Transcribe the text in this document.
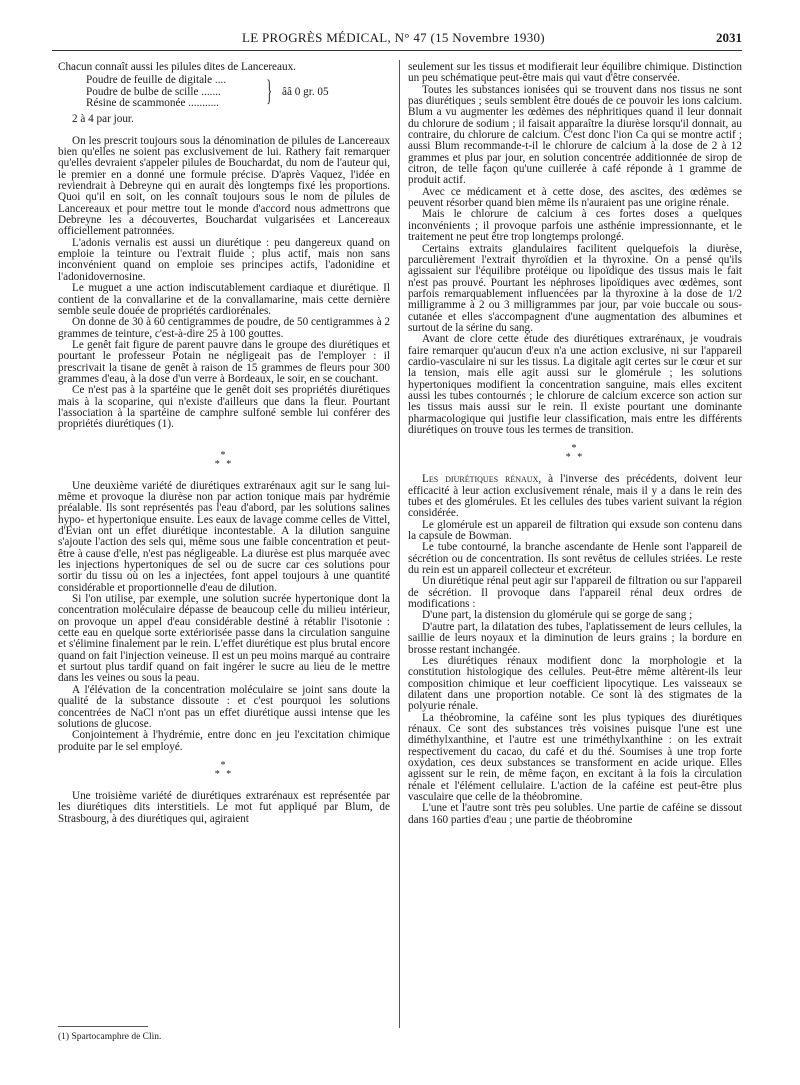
LE PROGRÈS MÉDICAL, N° 47 (15 Novembre 1930)	2031

Chacun connaît aussi les pilules dites de Lancereaux.

Poudre de feuille de digitale ....
Poudre de bulbe de scille .......
Résine de scammonée ...........	} ââ 0 gr. 05

2 à 4 par jour.

On les prescrit toujours sous la dénomination de pilules de Lancereaux bien qu'elles ne soient pas exclusivement de lui. Rathery fait remarquer qu'elles devraient s'appeler pilules de Bouchardat, du nom de l'auteur qui, le premier en a donné une formule précise. D'après Vaquez, l'idée en reviendrait à Debreyne qui en aurait dès longtemps fixé les proportions. Quoi qu'il en soit, on les connaît toujours sous le nom de pilules de Lancereaux et pour mettre tout le monde d'accord nous admettrons que Debreyne les a découvertes, Bouchardat vulgarisées et Lancereaux officiellement patronnées.

L'adonis vernalis est aussi un diurétique : peu dangereux quand on emploie la teinture ou l'extrait fluide ; plus actif, mais non sans inconvénient quand on emploie ses principes actifs, l'adonidine et l'adonidovernosine.

Le muguet a une action indiscutablement cardiaque et diurétique. Il contient de la convallarine et de la convallamarine, mais cette dernière semble seule douée de propriétés cardiorénales.

On donne de 30 à 60 centigrammes de poudre, de 50 centigrammes à 2 grammes de teinture, c'est-à-dire 25 à 100 gouttes.

Le genêt fait figure de parent pauvre dans le groupe des diurétiques et pourtant le professeur Potain ne négligeait pas de l'employer : il prescrivait la tisane de genêt à raison de 15 grammes de fleurs pour 300 grammes d'eau, à la dose d'un verre à Bordeaux, le soir, en se couchant.

Ce n'est pas à la spartéine que le genêt doit ses propriétés diurétiques mais à la scoparine, qui n'existe d'ailleurs que dans la fleur. Pourtant l'association à la spartéine de camphre sulfoné semble lui conférer des propriétés diurétiques (1).

*
* *

Une deuxième variété de diurétiques extrarénaux agit sur le sang lui-même et provoque la diurèse non par action tonique mais par hydrémie préalable. Ils sont représentés pas l'eau d'abord, par les solutions salines hypo- et hypertonique ensuite. Les eaux de lavage comme celles de Vittel, d'Evian ont un effet diurétique incontestable. A la dilution sanguine s'ajoute l'action des sels qui, même sous une faible concentration et peut-être à cause d'elle, n'est pas négligeable. La diurèse est plus marquée avec les injections hypertoniques de sel ou de sucre car ces solutions pour sortir du tissu où on les a injectées, font appel toujours à une quantité considérable et proportionnelle d'eau de dilution.

Si l'on utilise, par exemple, une solution sucrée hypertonique dont la concentration moléculaire dépasse de beaucoup celle du milieu intérieur, on provoque un appel d'eau considérable destiné à rétablir l'isotonie : cette eau en quelque sorte extériorisée passe dans la circulation sanguine et s'élimine finalement par le rein. L'effet diurétique est plus brutal encore quand on fait l'injection veineuse. Il est un peu moins marqué au contraire et surtout plus tardif quand on fait ingérer le sucre au lieu de le mettre dans les veines ou sous la peau.

A l'élévation de la concentration moléculaire se joint sans doute la qualité de la substance dissoute : et c'est pourquoi les solutions concentrées de NaCl n'ont pas un effet diurétique aussi intense que les solutions de glucose.

Conjointement à l'hydrémie, entre donc en jeu l'excitation chimique produite par le sel employé.

*
* *

Une troisième variété de diurétiques extrarénaux est représentée par les diurétiques dits interstitiels. Le mot fut appliqué par Blum, de Strasbourg, à des diurétiques qui, agiraient

(1) Spartocamphre de Clin.

seulement sur les tissus et modifierait leur équilibre chimique. Distinction un peu schématique peut-être mais qui vaut d'être conservée.

Toutes les substances ionisées qui se trouvent dans nos tissus ne sont pas diurétiques ; seuls semblent être doués de ce pouvoir les ions calcium. Blum a vu augmenter les œdèmes des néphritiques quand il leur donnait du chlorure de sodium ; il faisait apparaître la diurèse lorsqu'il donnait, au contraire, du chlorure de calcium. C'est donc l'ion Ca qui se montre actif ; aussi Blum recommande-t-il le chlorure de calcium à la dose de 2 à 12 grammes et plus par jour, en solution concentrée additionnée de sirop de citron, de telle façon qu'une cuillerée à café réponde à 1 gramme de produit actif.

Avec ce médicament et à cette dose, des ascites, des œdèmes se peuvent résorber quand bien même ils n'auraient pas une origine rénale.

Mais le chlorure de calcium à ces fortes doses a quelques inconvénients ; il provoque parfois une asthénie impressionnante, et le traitement ne peut être trop longtemps prolongé.

Certains extraits glandulaires facilitent quelquefois la diurèse, parculièrement l'extrait thyroïdien et la thyroxine. On a pensé qu'ils agissaient sur l'équilibre protéique ou lipoïdique des tissus mais le fait n'est pas prouvé. Pourtant les néphroses lipoïdiques avec œdèmes, sont parfois remarquablement influencées par la thyroxine à la dose de 1/2 milligramme à 2 ou 3 milligrammes par jour, par voie buccale ou sous-cutanée et elles s'accompagnent d'une augmentation des albumines et surtout de la sérine du sang.

Avant de clore cette étude des diurétiques extrarénaux, je voudrais faire remarquer qu'aucun d'eux n'a une action exclusive, ni sur l'appareil cardio-vasculaire ni sur les tissus. La digitale agit certes sur le cœur et sur la tension, mais elle agit aussi sur le glomérule ; les solutions hypertoniques modifient la concentration sanguine, mais elles excitent aussi les tubes contournés ; le chlorure de calcium excerce son action sur les tissus mais aussi sur le rein. Il existe pourtant une dominante pharmacologique qui justifie leur classification, mais entre les différents diurétiques on trouve tous les termes de transition.

*
* *

Les diurétiques rénaux, à l'inverse des précédents, doivent leur efficacité à leur action exclusivement rénale, mais il y a dans le rein des tubes et des glomérules. Et les cellules des tubes varient suivant la région considérée.

Le glomérule est un appareil de filtration qui exsude son contenu dans la capsule de Bowman.

Le tube contourné, la branche ascendante de Henle sont l'appareil de sécrétion ou de concentration. Ils sont revêtus de cellules striées. Le reste du rein est un appareil collecteur et excréteur.

Un diurétique rénal peut agir sur l'appareil de filtration ou sur l'appareil de sécrétion. Il provoque dans l'appareil rénal deux ordres de modifications :

D'une part, la distension du glomérule qui se gorge de sang ;

D'autre part, la dilatation des tubes, l'aplatissement de leurs cellules, la saillie de leurs noyaux et la diminution de leurs grains ; la bordure en brosse restant inchangée.

Les diurétiques rénaux modifient donc la morphologie et la constitution histologique des cellules. Peut-être même altèrent-ils leur composition chimique et leur coefficient lipocytique. Les vaisseaux se dilatent dans une proportion notable. Ce sont là des stigmates de la polyurie rénale.

La théobromine, la caféine sont les plus typiques des diurétiques rénaux. Ce sont des substances très voisines puisque l'une est une diméthylxanthine, et l'autre est une triméthylxanthine : on les extrait respectivement du cacao, du café et du thé. Soumises à une trop forte oxydation, ces deux substances se transforment en acide urique. Elles agissent sur le rein, de même façon, en excitant à la fois la circulation rénale et l'élément cellulaire. L'action de la caféine est peut-être plus vasculaire que celle de la théobromine.

L'une et l'autre sont très peu solubles. Une partie de caféine se dissout dans 160 parties d'eau ; une partie de théobromine
